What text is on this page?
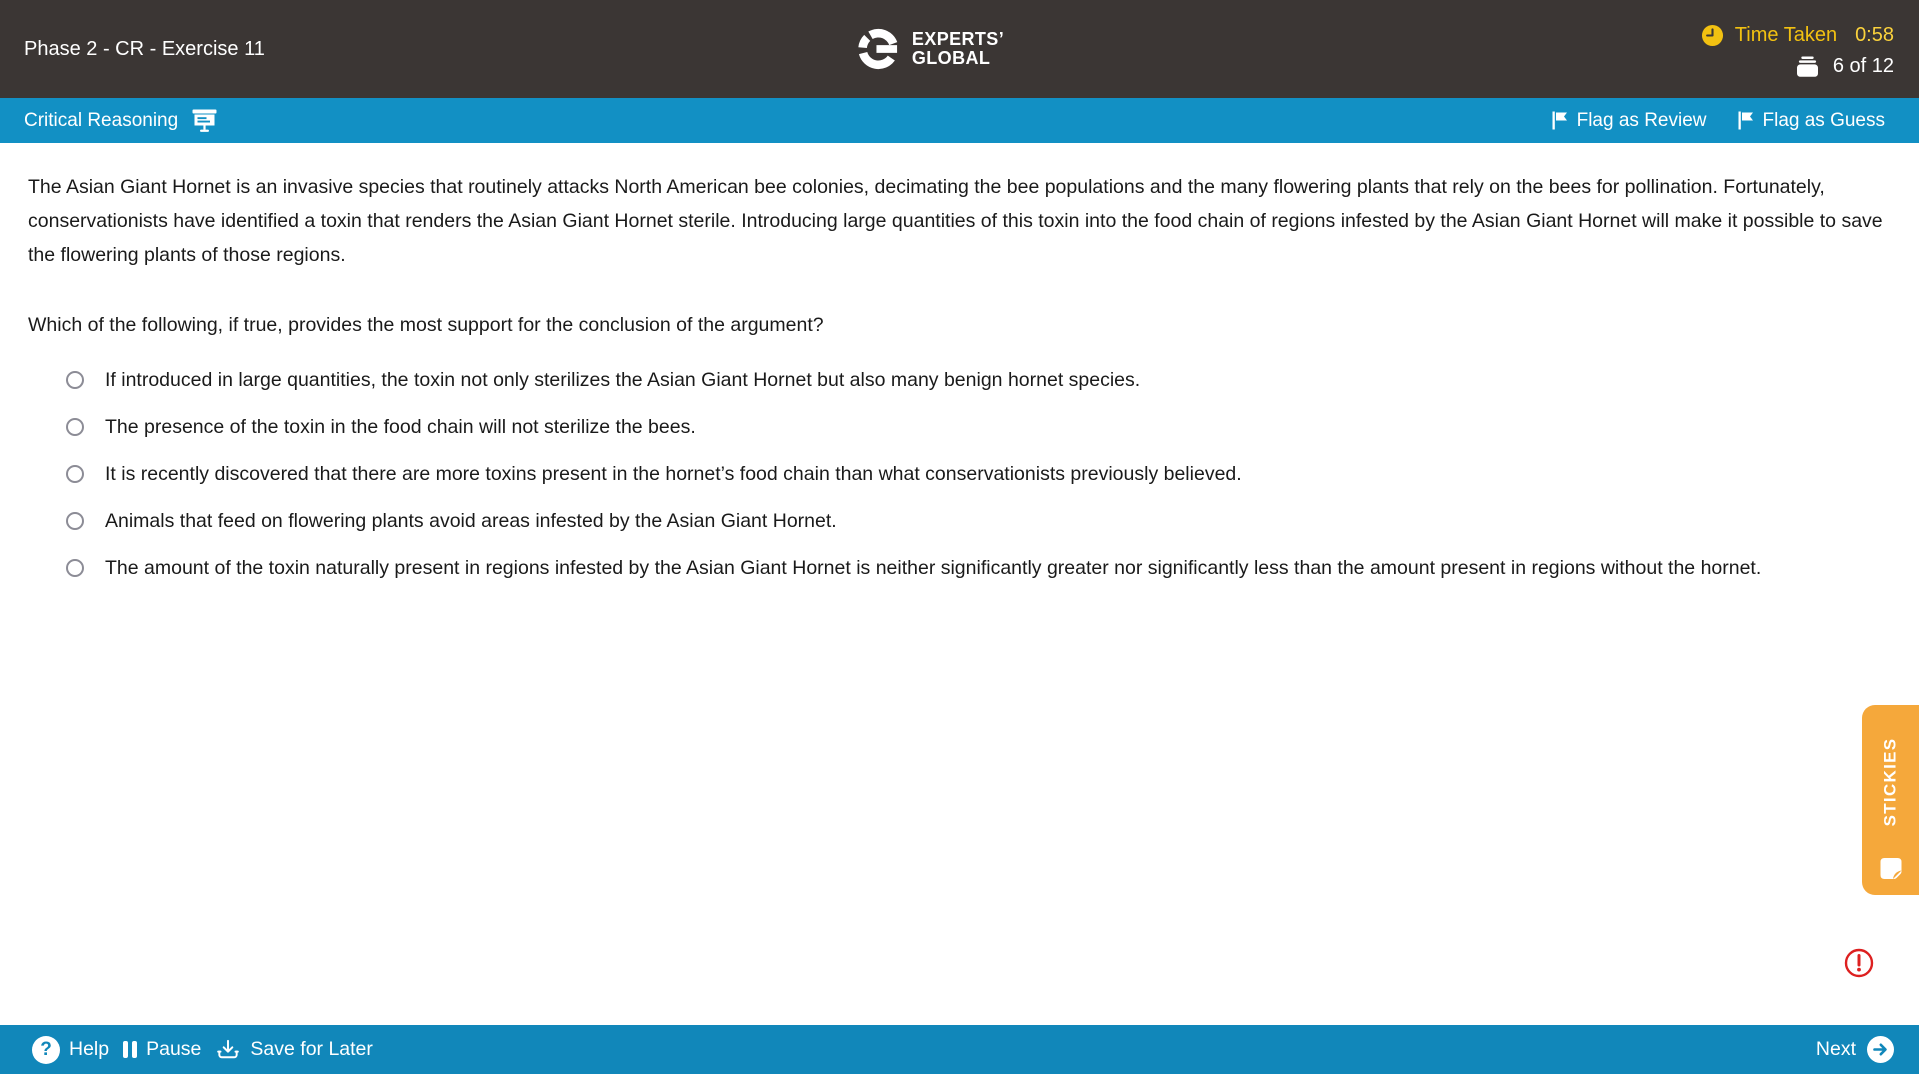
Phase 2 - CR - Exercise 11	EXPERTS’
GLOBAL
Time Taken 0:58
6 of 12
Critical Reasoning	Flag as Review	Flag as Guess

The Asian Giant Hornet is an invasive species that routinely attacks North American bee colonies, decimating the bee populations and the many flowering plants that rely on the bees for pollination. Fortunately, conservationists have identified a toxin that renders the Asian Giant Hornet sterile. Introducing large quantities of this toxin into the food chain of regions infested by the Asian Giant Hornet will make it possible to save the flowering plants of those regions.

Which of the following, if true, provides the most support for the conclusion of the argument?

If introduced in large quantities, the toxin not only sterilizes the Asian Giant Hornet but also many benign hornet species.
The presence of the toxin in the food chain will not sterilize the bees.
It is recently discovered that there are more toxins present in the hornet’s food chain than what conservationists previously believed.
Animals that feed on flowering plants avoid areas infested by the Asian Giant Hornet.
The amount of the toxin naturally present in regions infested by the Asian Giant Hornet is neither significantly greater nor significantly less than the amount present in regions without the hornet.
STICKIES
? Help Pause	Save for Later	Next
